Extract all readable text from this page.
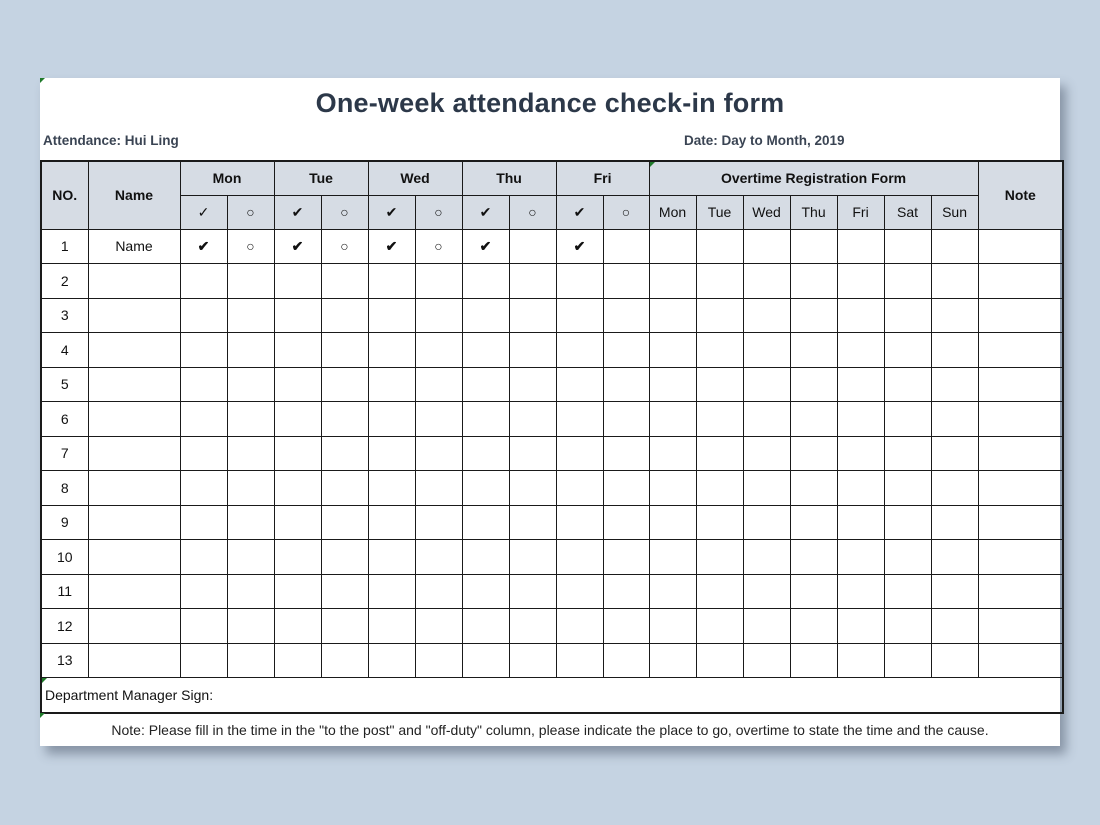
One-week attendance check-in form
Attendance: Hui Ling	Date: Day to Month, 2019
NO.	Name	Mon		Tue		Wed		Thu		Fri		Overtime Registration Form							Note
		✓	○	✔	○	✔	○	✔	○	✔	○	Mon	Tue	Wed	Thu	Fri	Sat	Sun	
1	Name	✔	○	✔	○	✔	○	✔		✔									
2																			
3																			
4																			
5																			
6																			
7																			
8																			
9																			
10																			
11																			
12																			
13																			

Department Manager Sign:																			
Note: Please fill in the time in the "to the post" and "off-duty" column, please indicate the place to go, overtime to state the time and the cause.
